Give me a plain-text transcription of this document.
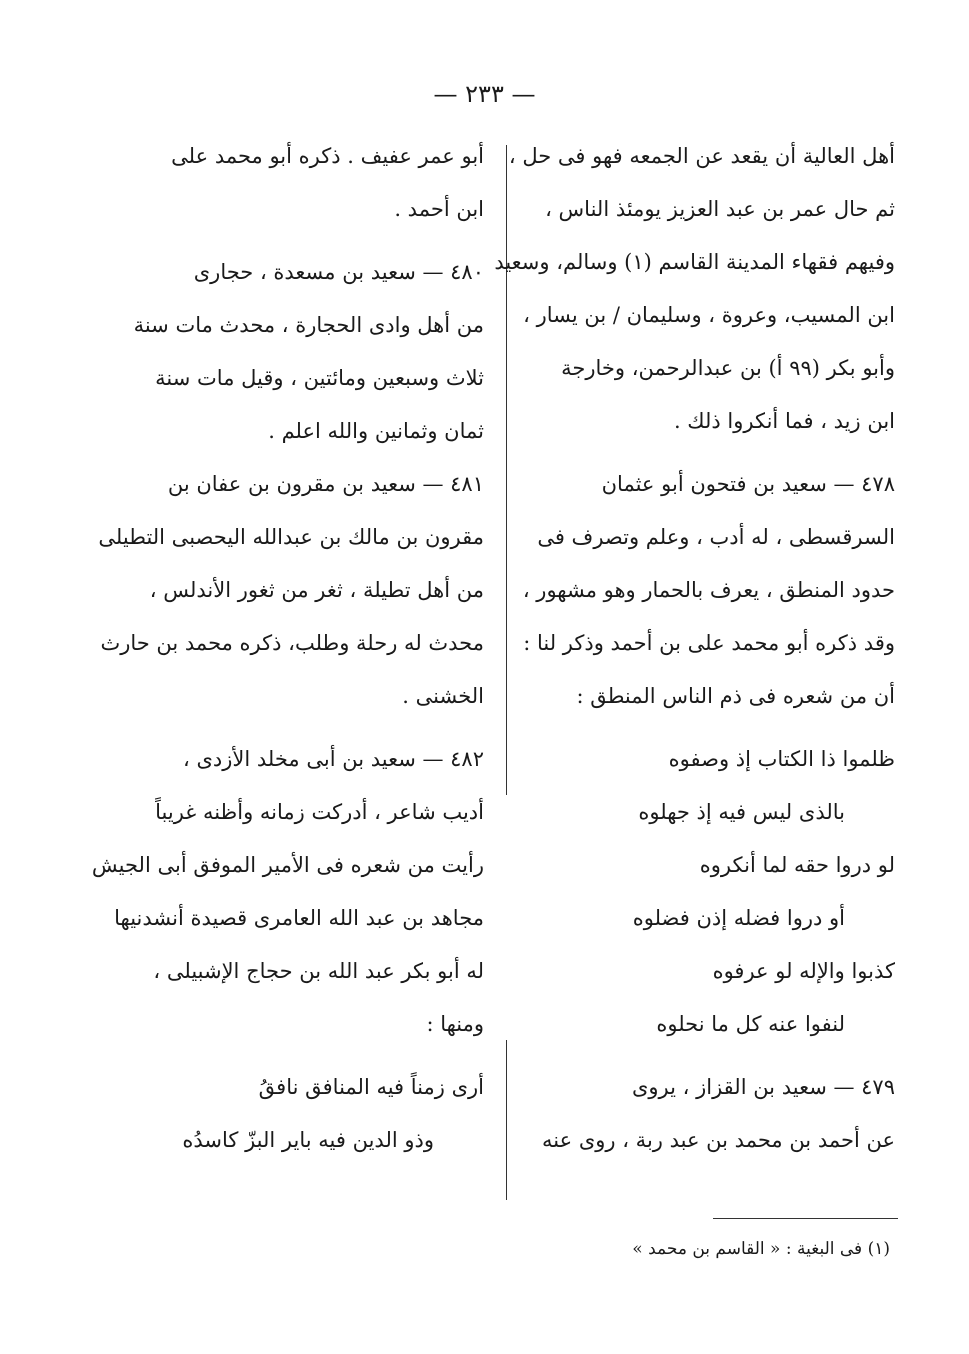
— ٢٣٣ —
أهل العالية أن يقعد عن الجمعه فهو فى حل ،
ثم حال عمر بن عبد العزيز يومئذ الناس ،
وفيهم فقهاء المدينة القاسم (١) وسالم، وسعيد
ابن المسيب، وعروة ، وسليمان / بن يسار ،
وأبو بكر (٩٩ أ) بن عبدالرحمن، وخارجة
ابن زيد ، فما أنكروا ذلك .
٤٧٨ — سعيد بن فتحون أبو عثمان
السرقسطى ، له أدب ، وعلم وتصرف فى
حدود المنطق ، يعرف بالحمار وهو مشهور ،
وقد ذكره أبو محمد على بن أحمد وذكر لنا :
أن من شعره فى ذم الناس المنطق :
ظلموا ذا الكتاب إذ وصفوه
بالذى ليس فيه إذ جهلوه
لو دروا حقه لما أنكروه
أو دروا فضله إذن فضلوه
كذبوا والإله لو عرفوه
لنفوا عنه كل ما نحلوه
٤٧٩ — سعيد بن القزاز ، يروى
عن أحمد بن محمد بن عبد ربة ، روى عنه
أبو عمر عفيف . ذكره أبو محمد على
ابن أحمد .
٤٨٠ — سعيد بن مسعدة ، حجارى
من أهل وادى الحجارة ، محدث مات سنة
ثلاث وسبعين ومائتين ، وقيل مات سنة
ثمان وثمانين والله اعلم .
٤٨١ — سعيد بن مقرون بن عفان بن
مقرون بن مالك بن عبدالله اليحصبى التطيلى
من أهل تطيلة ، ثغر من ثغور الأندلس ،
محدث له رحلة وطلب، ذكره محمد بن حارث
الخشنى .
٤٨٢ — سعيد بن أبى مخلد الأزدى ،
أديب شاعر ، أدركت زمانه وأظنه غريباً
رأيت من شعره فى الأمير الموفق أبى الجيش
مجاهد بن عبد الله العامرى قصيدة أنشدنيها
له أبو بكر عبد الله بن حجاج الإشبيلى ،
ومنها :
أرى زمناً فيه المنافق نافقُ
وذو الدين فيه باير البزّ كاسدُه
(١) فى البغية : « القاسم بن محمد »
